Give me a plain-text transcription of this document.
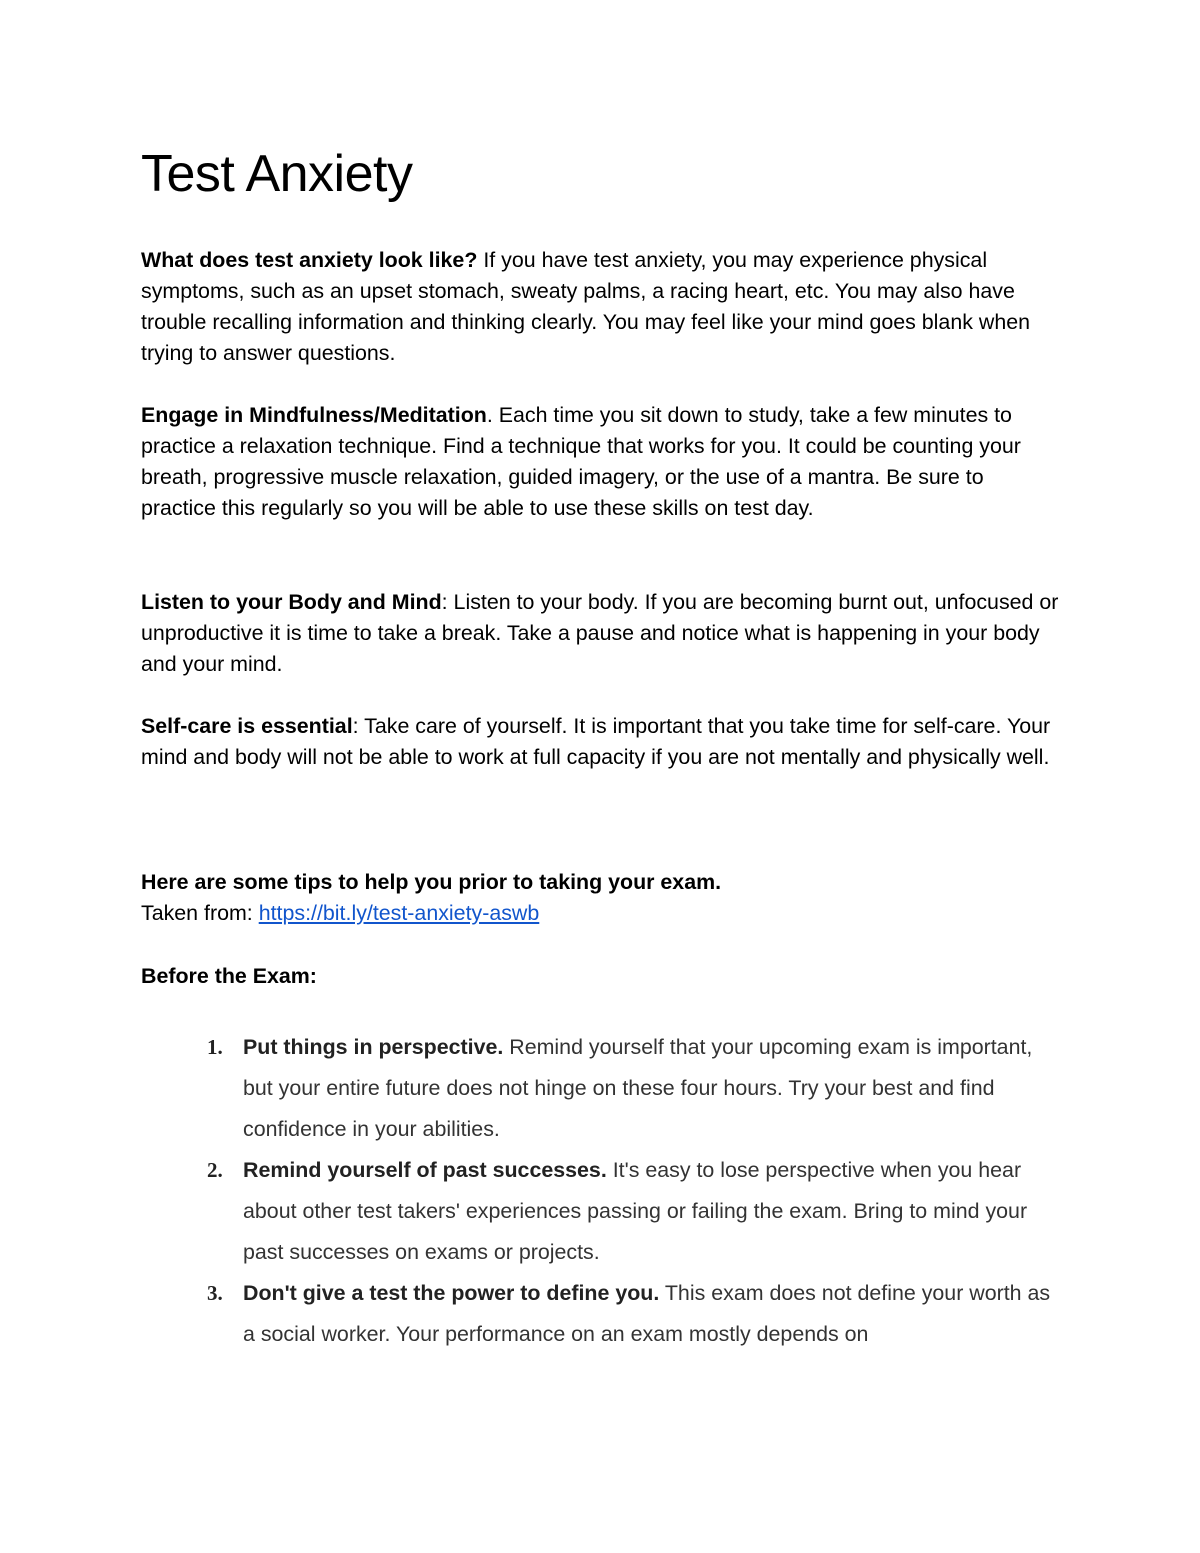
Test Anxiety

What does test anxiety look like? If you have test anxiety, you may experience physical symptoms, such as an upset stomach, sweaty palms, a racing heart, etc. You may also have trouble recalling information and thinking clearly. You may feel like your mind goes blank when trying to answer questions.

Engage in Mindfulness/Meditation. Each time you sit down to study, take a few minutes to practice a relaxation technique. Find a technique that works for you. It could be counting your breath, progressive muscle relaxation, guided imagery, or the use of a mantra. Be sure to practice this regularly so you will be able to use these skills on test day.

Listen to your Body and Mind: Listen to your body. If you are becoming burnt out, unfocused or unproductive it is time to take a break. Take a pause and notice what is happening in your body and your mind.

Self-care is essential: Take care of yourself. It is important that you take time for self-care. Your mind and body will not be able to work at full capacity if you are not mentally and physically well.

Here are some tips to help you prior to taking your exam.

Taken from: https://bit.ly/test-anxiety-aswb

Before the Exam:

1. Put things in perspective. Remind yourself that your upcoming exam is important, but your entire future does not hinge on these four hours. Try your best and find confidence in your abilities.
2. Remind yourself of past successes. It's easy to lose perspective when you hear about other test takers' experiences passing or failing the exam. Bring to mind your past successes on exams or projects.
3. Don't give a test the power to define you. This exam does not define your worth as a social worker. Your performance on an exam mostly depends on
